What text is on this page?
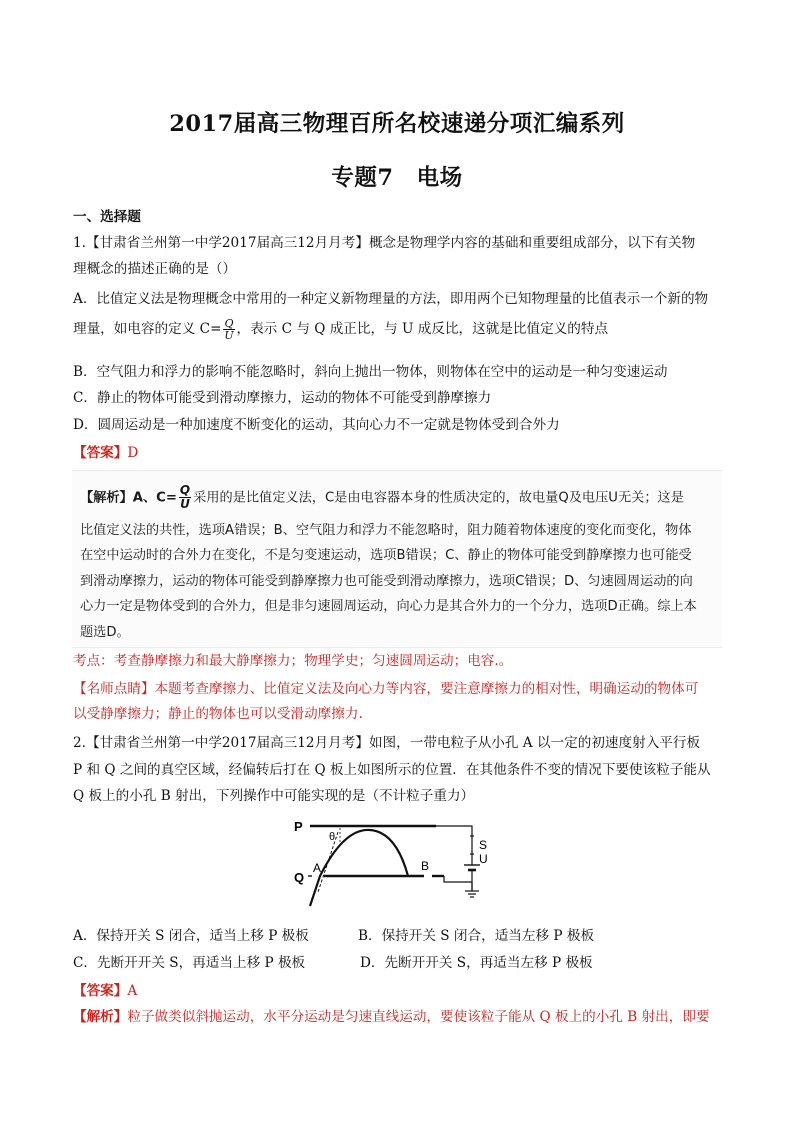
2017届高三物理百所名校速递分项汇编系列
专题7　电场
一、选择题
1.【甘肃省兰州第一中学2017届高三12月月考】概念是物理学内容的基础和重要组成部分，以下有关物
理概念的描述正确的是（）
A．比值定义法是物理概念中常用的一种定义新物理量的方法，即用两个已知物理量的比值表示一个新的物
理量，如电容的定义 $C= \frac{Q}{U}$ ，表示 C 与 Q 成正比，与 U 成反比，这就是比值定义的特点
B．空气阻力和浮力的影响不能忽略时，斜向上抛出一物体，则物体在空中的运动是一种匀变速运动
C．静止的物体可能受到滑动摩擦力，运动的物体不可能受到静摩擦力
D．圆周运动是一种加速度不断变化的运动，其向心力不一定就是物体受到合外力
【答案】D
【解析】A、$C= \frac{Q}{U}$ 采用的是比值定义法，C是由电容器本身的性质决定的，故电量Q及电压U无关；这是
比值定义法的共性，选项A错误；B、空气阻力和浮力不能忽略时，阻力随着物体速度的变化而变化，物体
在空中运动时的合外力在变化，不是匀变速运动，选项B错误；C、静止的物体可能受到静摩擦力也可能受
到滑动摩擦力，运动的物体可能受到静摩擦力也可能受到滑动摩擦力，选项C错误；D、匀速圆周运动的向
心力一定是物体受到的合外力，但是非匀速圆周运动，向心力是其合外力的一个分力，选项D正确。综上本
题选D。
考点：考查静摩擦力和最大静摩擦力；物理学史；匀速圆周运动；电容.。
【名师点睛】本题考查摩擦力、比值定义法及向心力等内容，要注意摩擦力的相对性，明确运动的物体可
以受静摩擦力；静止的物体也可以受滑动摩擦力.
2.【甘肃省兰州第一中学2017届高三12月月考】如图，一带电粒子从小孔 A 以一定的初速度射入平行板
P 和 Q 之间的真空区域，经偏转后打在 Q 板上如图所示的位置．在其他条件不变的情况下要使该粒子能从
Q 板上的小孔 B 射出，下列操作中可能实现的是（不计粒子重力）
P
S
U
Q
A	B
θ
A．保持开关 S 闭合，适当上移 P 极板	B．保持开关 S 闭合，适当左移 P 极板
C．先断开开关 S，再适当上移 P 极板	D．先断开开关 S，再适当左移 P 极板
【答案】A
【解析】粒子做类似斜抛运动，水平分运动是匀速直线运动，要使该粒子能从 Q 板上的小孔 B 射出，即要
